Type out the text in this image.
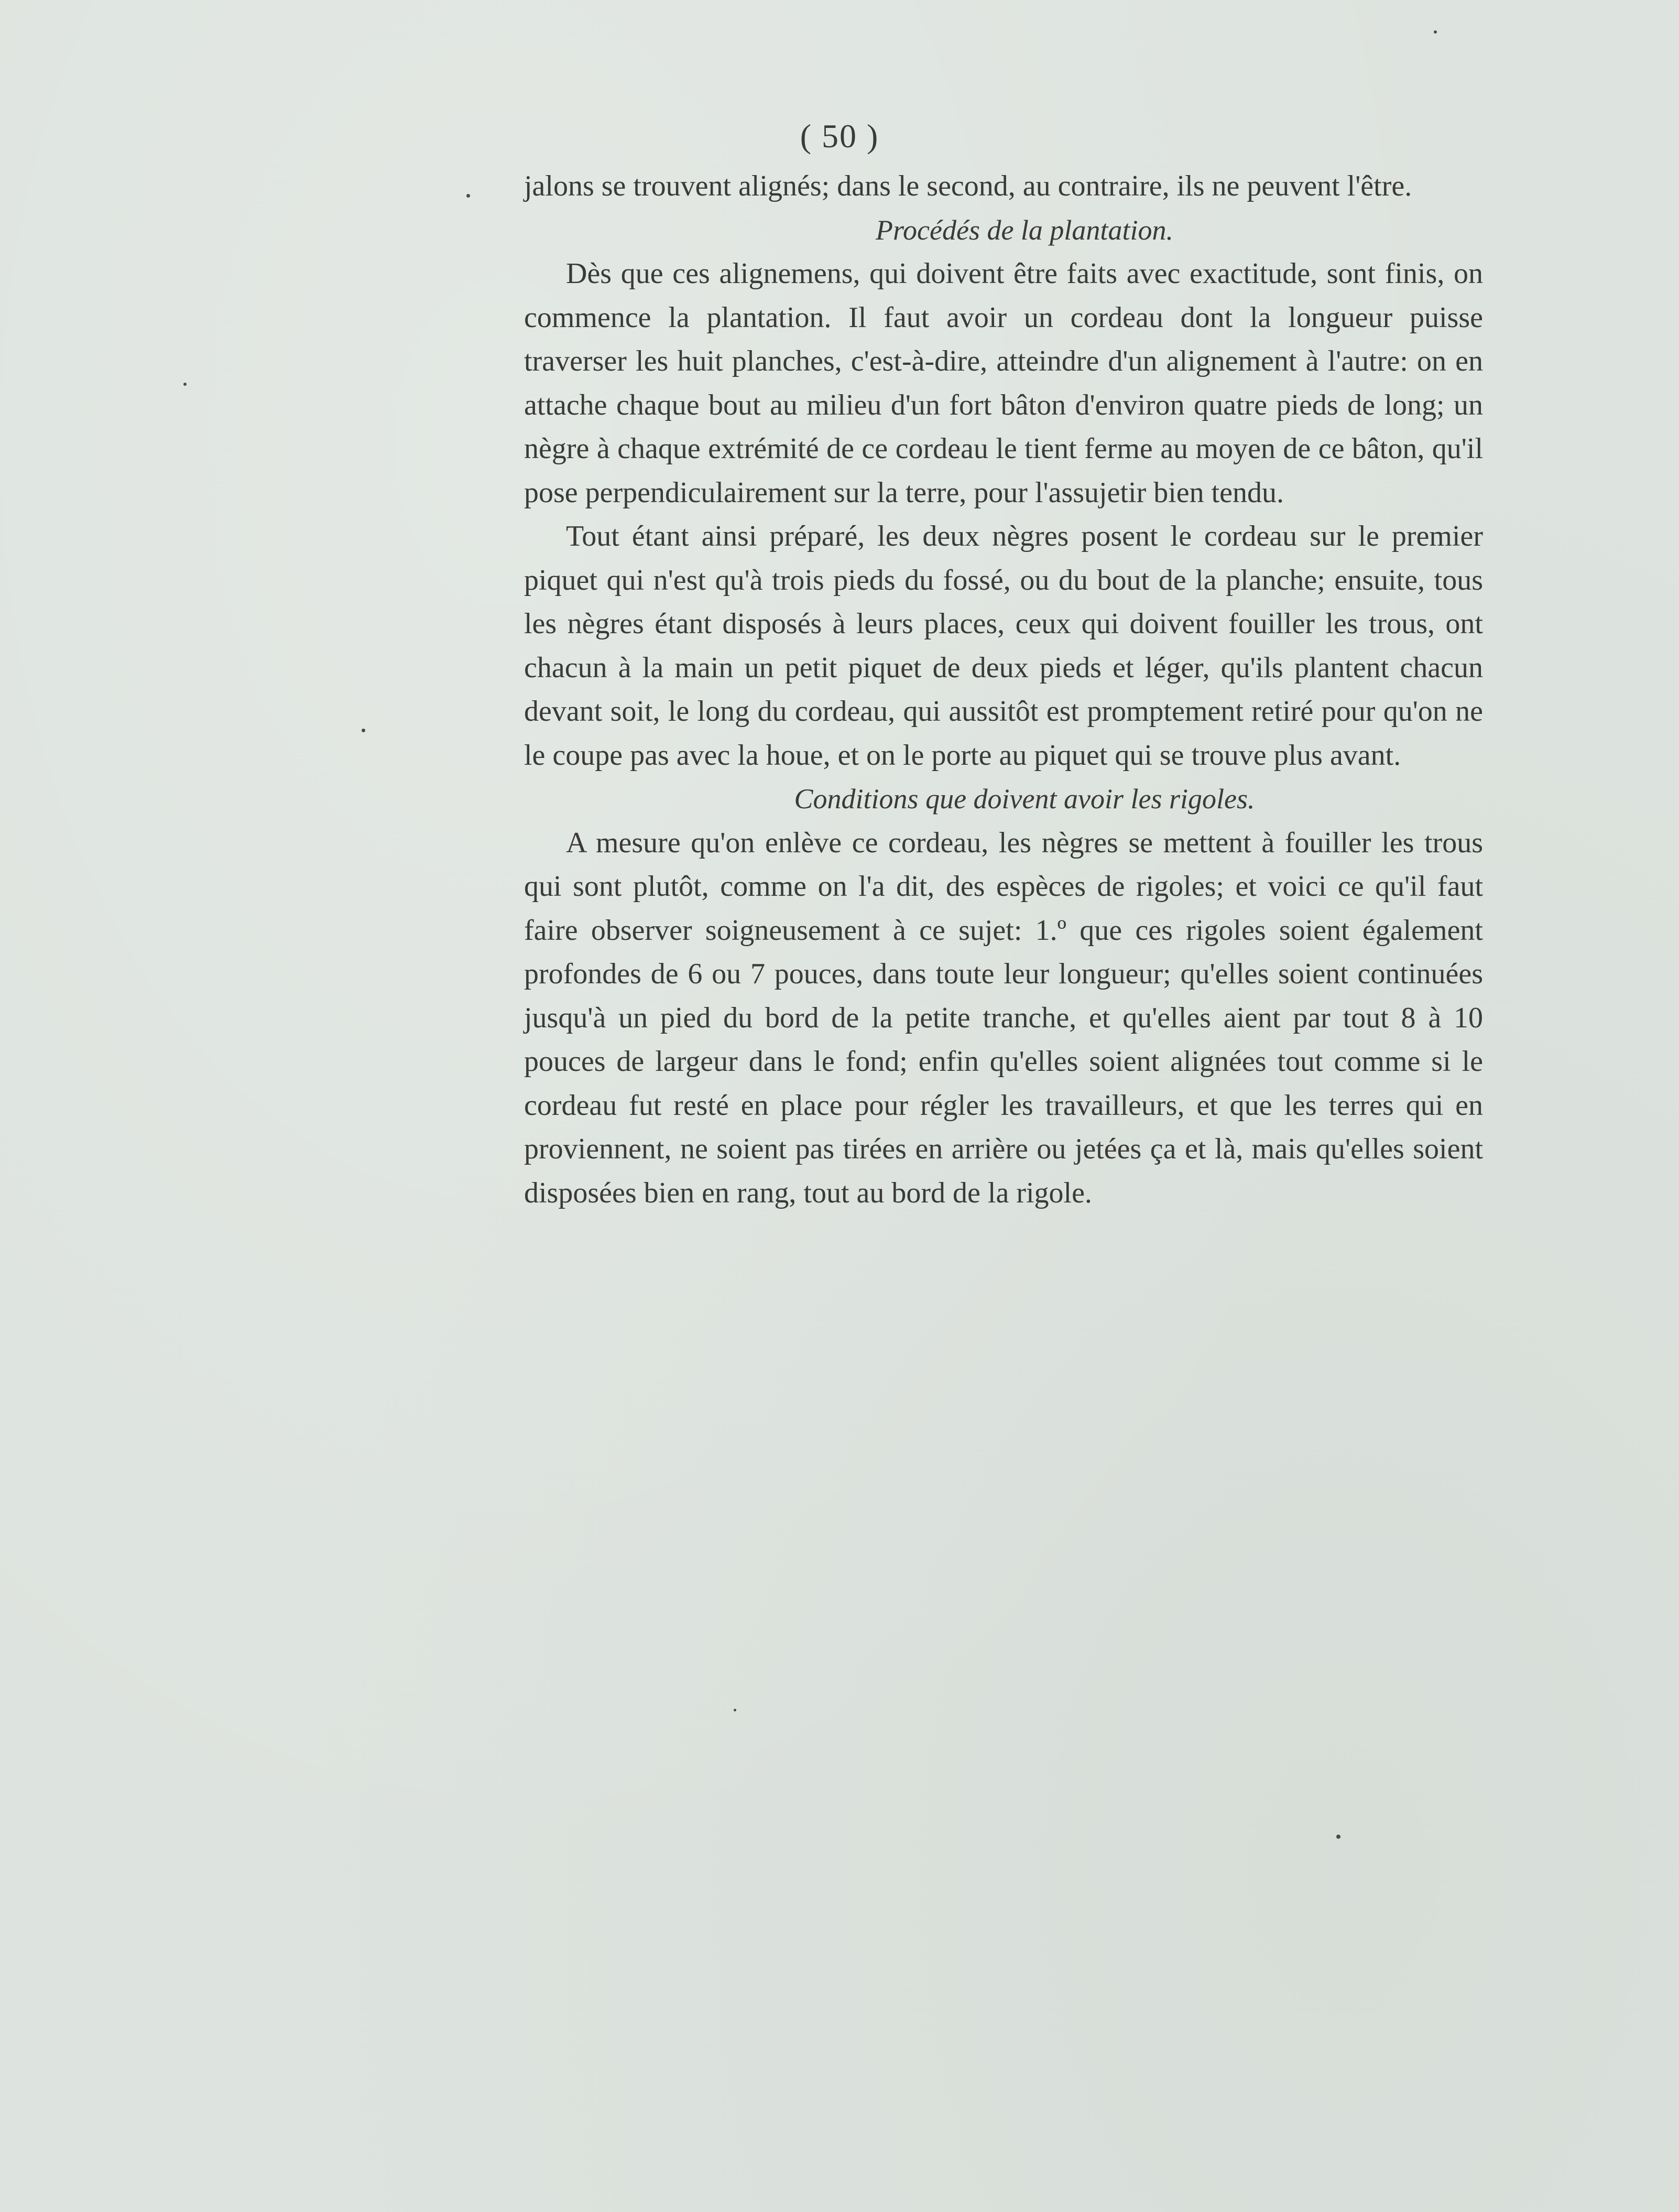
( 50 )

jalons se trouvent alignés; dans le second, au contraire, ils ne peuvent l'être.

Procédés de la plantation.

Dès que ces alignemens, qui doivent être faits avec exactitude, sont finis, on commence la plantation. Il faut avoir un cordeau dont la longueur puisse traverser les huit planches, c'est-à-dire, atteindre d'un alignement à l'autre: on en attache chaque bout au milieu d'un fort bâton d'environ quatre pieds de long; un nègre à chaque extrémité de ce cordeau le tient ferme au moyen de ce bâton, qu'il pose perpendiculairement sur la terre, pour l'assujetir bien tendu.

Tout étant ainsi préparé, les deux nègres posent le cordeau sur le premier piquet qui n'est qu'à trois pieds du fossé, ou du bout de la planche; ensuite, tous les nègres étant disposés à leurs places, ceux qui doivent fouiller les trous, ont chacun à la main un petit piquet de deux pieds et léger, qu'ils plantent chacun devant soit, le long du cordeau, qui aussitôt est promptement retiré pour qu'on ne le coupe pas avec la houe, et on le porte au piquet qui se trouve plus avant.

Conditions que doivent avoir les rigoles.

A mesure qu'on enlève ce cordeau, les nègres se mettent à fouiller les trous qui sont plutôt, comme on l'a dit, des espèces de rigoles; et voici ce qu'il faut faire observer soigneusement à ce sujet: 1.º que ces rigoles soient également profondes de 6 ou 7 pouces, dans toute leur longueur; qu'elles soient continuées jusqu'à un pied du bord de la petite tranche, et qu'elles aient par tout 8 à 10 pouces de largeur dans le fond; enfin qu'elles soient alignées tout comme si le cordeau fut resté en place pour régler les travailleurs, et que les terres qui en proviennent, ne soient pas tirées en arrière ou jetées ça et là, mais qu'elles soient disposées bien en rang, tout au bord de la rigole.
